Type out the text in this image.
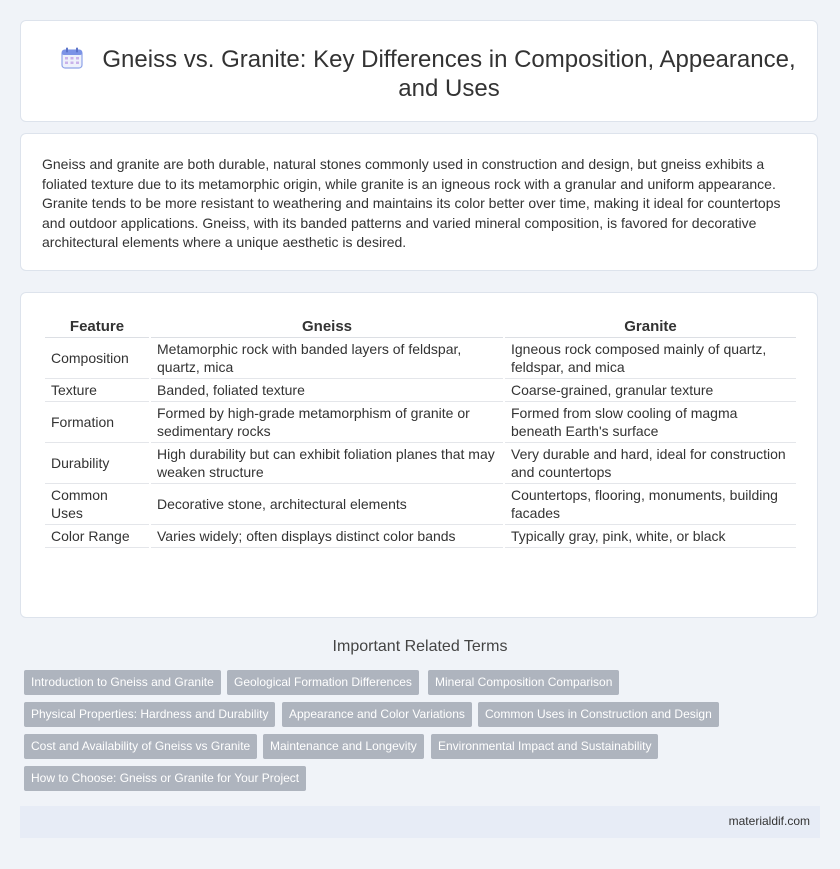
Gneiss vs. Granite: Key Differences in Composition, Appearance, and Uses

Gneiss and granite are both durable, natural stones commonly used in construction and design, but gneiss exhibits a foliated texture due to its metamorphic origin, while granite is an igneous rock with a granular and uniform appearance. Granite tends to be more resistant to weathering and maintains its color better over time, making it ideal for countertops and outdoor applications. Gneiss, with its banded patterns and varied mineral composition, is favored for decorative architectural elements where a unique aesthetic is desired.

Feature	Gneiss	Granite
Composition	Metamorphic rock with banded layers of feldspar, quartz, mica	Igneous rock composed mainly of quartz, feldspar, and mica
Texture	Banded, foliated texture	Coarse-grained, granular texture
Formation	Formed by high-grade metamorphism of granite or sedimentary rocks	Formed from slow cooling of magma beneath Earth's surface
Durability	High durability but can exhibit foliation planes that may weaken structure	Very durable and hard, ideal for construction and countertops
Common Uses	Decorative stone, architectural elements	Countertops, flooring, monuments, building facades
Color Range	Varies widely; often displays distinct color bands	Typically gray, pink, white, or black
Important Related Terms
Introduction to Gneiss and Granite	Geological Formation Differences	Mineral Composition Comparison
Physical Properties: Hardness and Durability	Appearance and Color Variations	Common Uses in Construction and Design
Cost and Availability of Gneiss vs Granite	Maintenance and Longevity	Environmental Impact and Sustainability
How to Choose: Gneiss or Granite for Your Project
materialdif.com
